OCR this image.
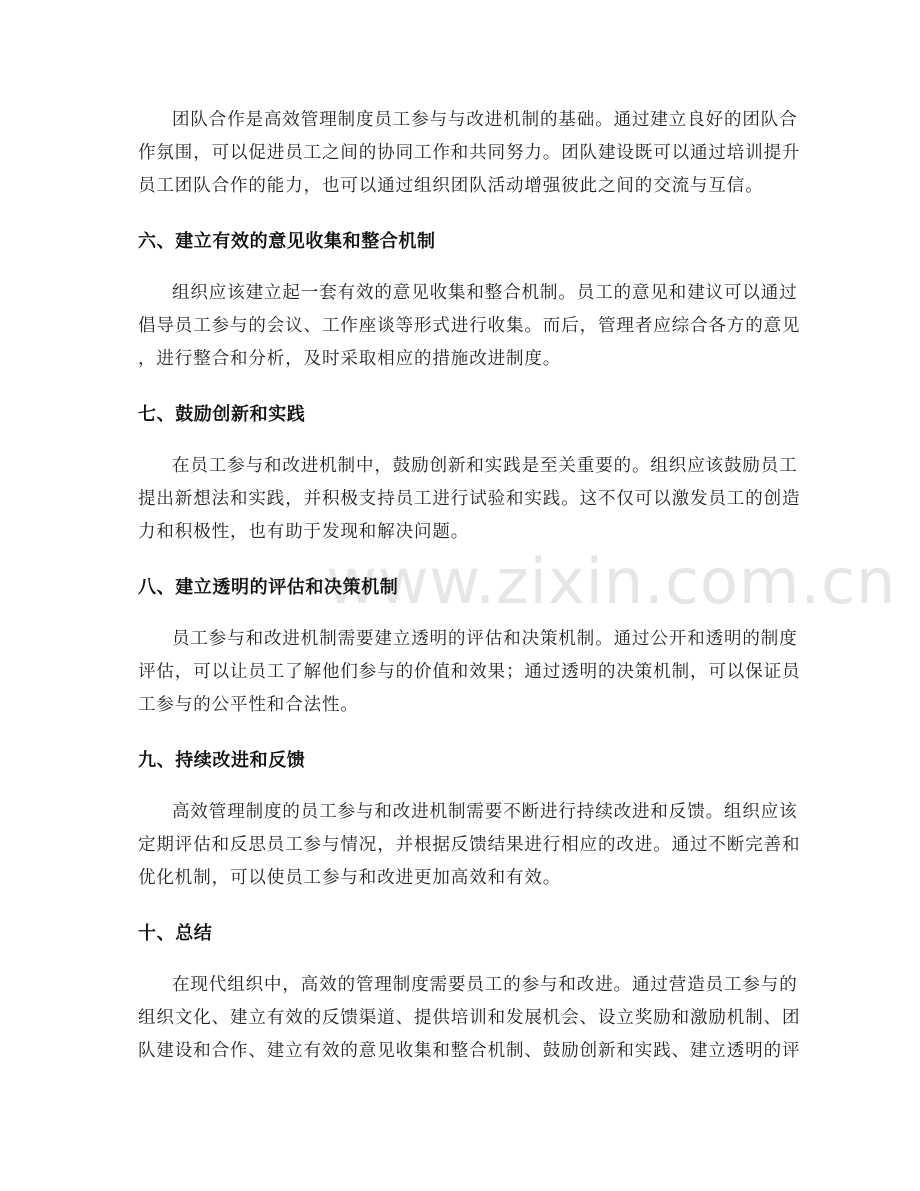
www.zixin.com.cn

团队合作是高效管理制度员工参与与改进机制的基础。通过建立良好的团队合
作氛围，可以促进员工之间的协同工作和共同努力。团队建设既可以通过培训提升
员工团队合作的能力，也可以通过组织团队活动增强彼此之间的交流与互信。

六、建立有效的意见收集和整合机制

组织应该建立起一套有效的意见收集和整合机制。员工的意见和建议可以通过
倡导员工参与的会议、工作座谈等形式进行收集。而后，管理者应综合各方的意见
，进行整合和分析，及时采取相应的措施改进制度。

七、鼓励创新和实践

在员工参与和改进机制中，鼓励创新和实践是至关重要的。组织应该鼓励员工
提出新想法和实践，并积极支持员工进行试验和实践。这不仅可以激发员工的创造
力和积极性，也有助于发现和解决问题。

八、建立透明的评估和决策机制

员工参与和改进机制需要建立透明的评估和决策机制。通过公开和透明的制度
评估，可以让员工了解他们参与的价值和效果；通过透明的决策机制，可以保证员
工参与的公平性和合法性。

九、持续改进和反馈

高效管理制度的员工参与和改进机制需要不断进行持续改进和反馈。组织应该
定期评估和反思员工参与情况，并根据反馈结果进行相应的改进。通过不断完善和
优化机制，可以使员工参与和改进更加高效和有效。

十、总结

在现代组织中，高效的管理制度需要员工的参与和改进。通过营造员工参与的
组织文化、建立有效的反馈渠道、提供培训和发展机会、设立奖励和激励机制、团
队建设和合作、建立有效的意见收集和整合机制、鼓励创新和实践、建立透明的评
